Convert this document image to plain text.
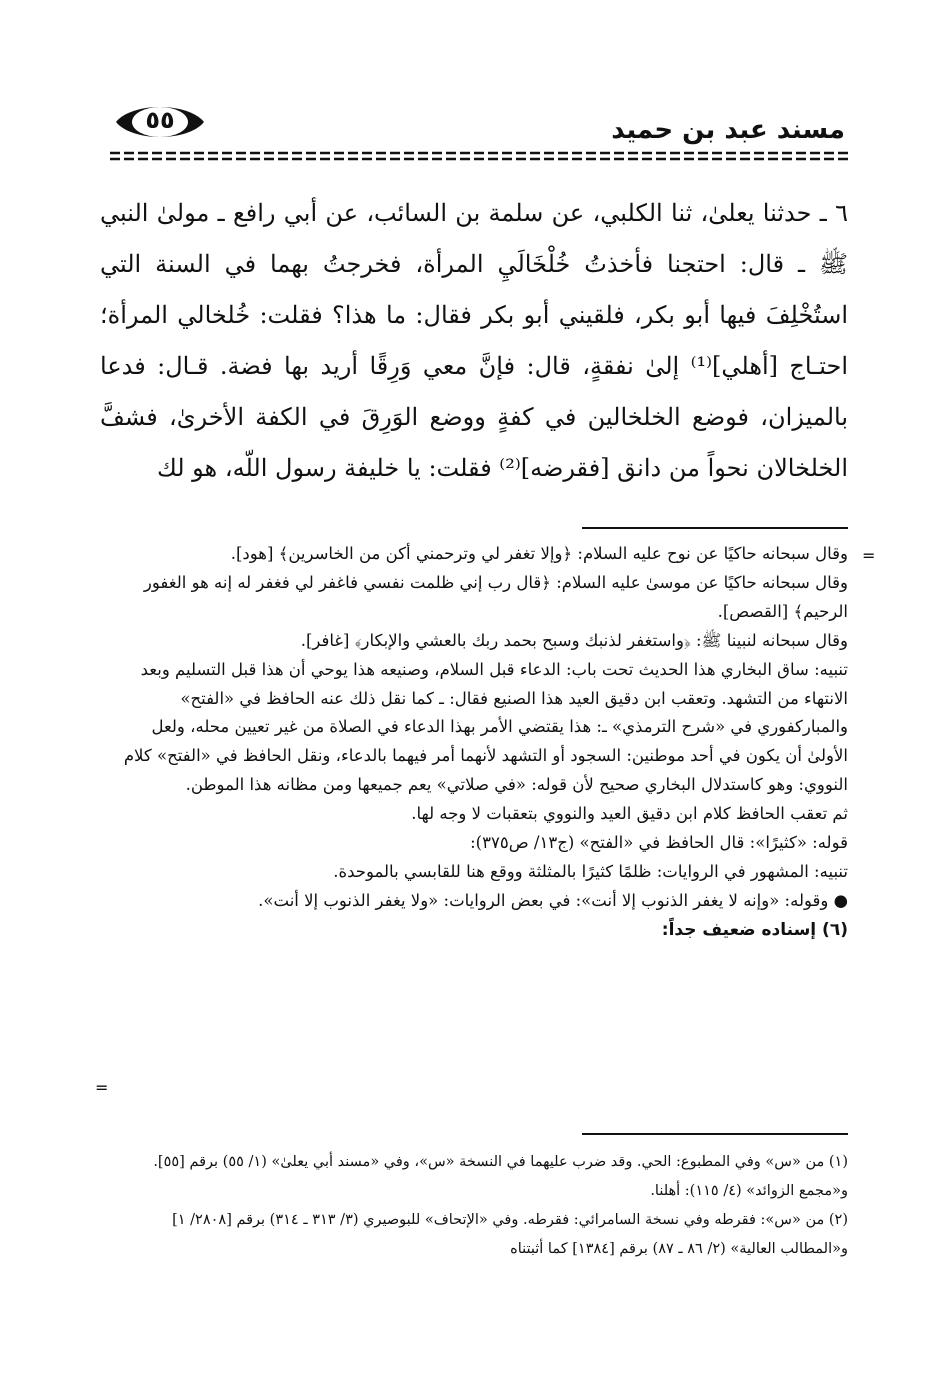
مسند عبد بن حميد
٥٥
٦ ـ حدثنا يعلىٰ، ثنا الكلبي، عن سلمة بن السائب، عن أبي رافع ـ مولىٰ النبي ﷺ ـ قال: احتجنا فأخذتُ خُلْخَالَيِ المرأة، فخرجتُ بهما في السنة التي استُخْلِفَ فيها أبو بكر، فلقيني أبو بكر فقال: ما هذا؟ فقلت: خُلخالي المرأة؛ احتـاج [أهلي]⁽¹⁾ إلىٰ نفقةٍ، قال: فإنَّ معي وَرِقًا أريد بها فضة. قـال: فدعا بالميزان، فوضع الخلخالين في كفةٍ ووضع الوَرِقَ في الكفة الأخرىٰ، فشفَّ الخلخالان نحواً من دانق [فقرضه]⁽²⁾ فقلت: يا خليفة رسول اللّه، هو لك
=

وقال سبحانه حاكيًا عن نوح عليه السلام: ﴿وإلا تغفر لي وترحمني أكن من الخاسرين﴾ [هود].

وقال سبحانه حاكيًا عن موسىٰ عليه السلام: ﴿قال رب إني ظلمت نفسي فاغفر لي فغفر له إنه هو الغفور الرحيم﴾ [القصص].

وقال سبحانه لنبينا ﷺ: ﴿واستغفر لذنبك وسبح بحمد ربك بالعشي والإبكار﴾ [غافر].

تنبيه: ساق البخاري هذا الحديث تحت باب: الدعاء قبل السلام، وصنيعه هذا يوحي أن هذا قبل التسليم وبعد الانتهاء من التشهد. وتعقب ابن دقيق العيد هذا الصنيع فقال: ـ كما نقل ذلك عنه الحافظ في «الفتح» والمباركفوري في «شرح الترمذي» ـ: هذا يقتضي الأمر بهذا الدعاء في الصلاة من غير تعيين محله، ولعل الأولىٰ أن يكون في أحد موطنين: السجود أو التشهد لأنهما أمر فيهما بالدعاء، ونقل الحافظ في «الفتح» كلام النووي: وهو كاستدلال البخاري صحيح لأن قوله: «في صلاتي» يعم جميعها ومن مظانه هذا الموطن.

ثم تعقب الحافظ كلام ابن دقيق العيد والنووي بتعقبات لا وجه لها.

قوله: «كثيرًا»: قال الحافظ في «الفتح» (ج١٣/ ص٣٧٥):

تنبيه: المشهور في الروايات: ظلمًا كثيرًا بالمثلثة ووقع هنا للقابسي بالموحدة.

● وقوله: «وإنه لا يغفر الذنوب إلا أنت»: في بعض الروايات: «ولا يغفر الذنوب إلا أنت».

(٦) إسناده ضعيف جداً:

=

(١) من «س» وفي المطبوع: الحي. وقد ضرب عليهما في النسخة «س»، وفي «مسند أبي يعلىٰ» (١/ ٥٥) برقم [٥٥]. و«مجمع الزوائد» (٤/ ١١٥): أهلنا.

(٢) من «س»: فقرطه وفي نسخة السامرائي: فقرطه. وفي «الإتحاف» للبوصيري (٣/ ٣١٣ ـ ٣١٤) برقم [٢٨٠٨/ ١] و«المطالب العالية» (٢/ ٨٦ ـ ٨٧) برقم [١٣٨٤] كما أثبتناه
